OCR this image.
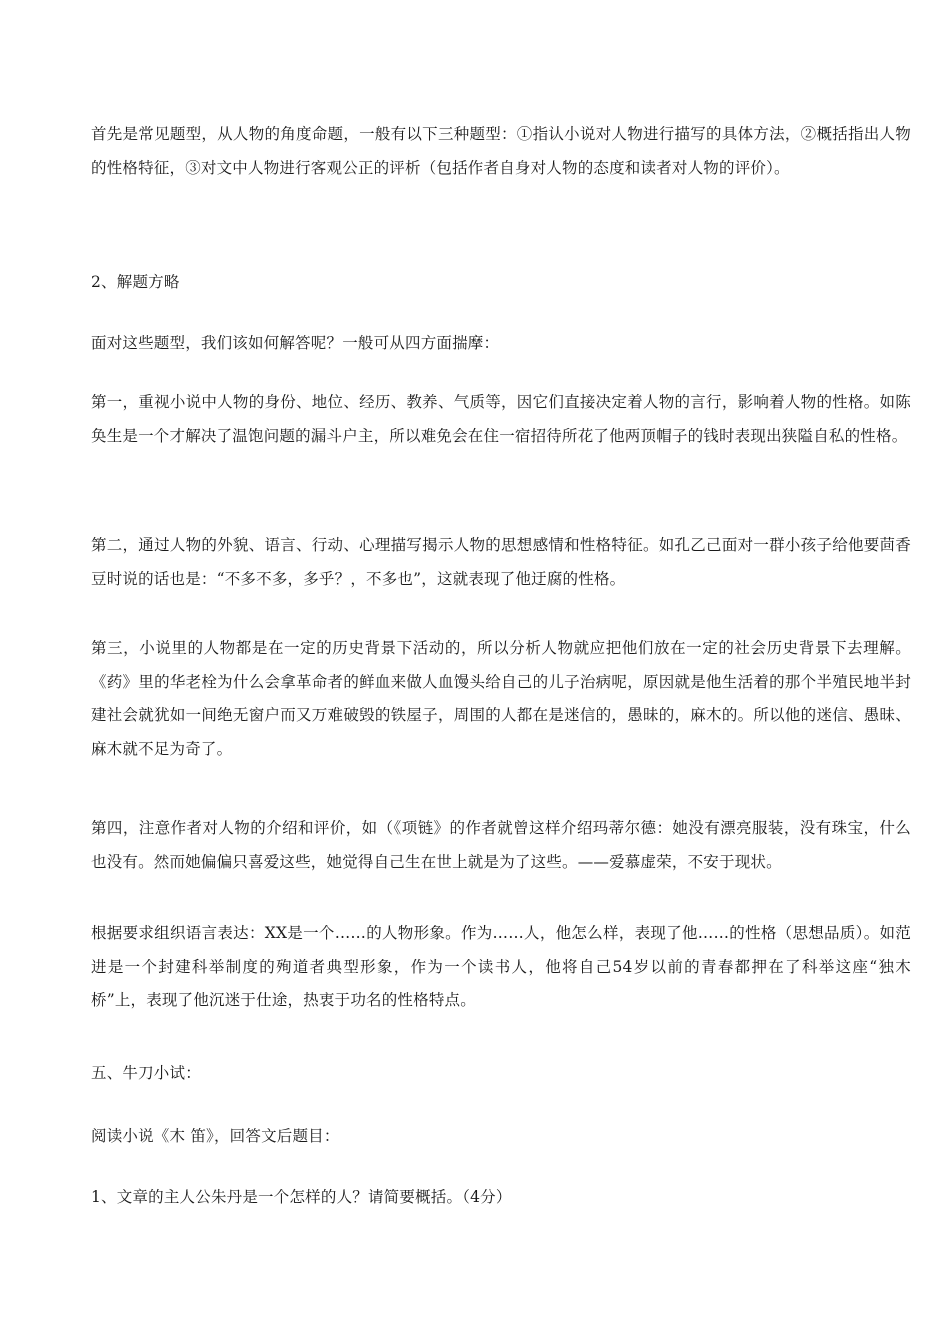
首先是常见题型，从人物的角度命题，一般有以下三种题型：①指认小说对人物进行描写的具体方法，②概括指出人物的性格特征，③对文中人物进行客观公正的评析（包括作者自身对人物的态度和读者对人物的评价）。

2、解题方略

面对这些题型，我们该如何解答呢？一般可从四方面揣摩：

第一，重视小说中人物的身份、地位、经历、教养、气质等，因它们直接决定着人物的言行，影响着人物的性格。如陈奂生是一个才解决了温饱问题的漏斗户主，所以难免会在住一宿招待所花了他两顶帽子的钱时表现出狭隘自私的性格。

第二，通过人物的外貌、语言、行动、心理描写揭示人物的思想感情和性格特征。如孔乙己面对一群小孩子给他要茴香豆时说的话也是：“不多不多，多乎？，不多也”，这就表现了他迂腐的性格。

第三，小说里的人物都是在一定的历史背景下活动的，所以分析人物就应把他们放在一定的社会历史背景下去理解。《药》里的华老栓为什么会拿革命者的鲜血来做人血馒头给自己的儿子治病呢，原因就是他生活着的那个半殖民地半封建社会就犹如一间绝无窗户而又万难破毁的铁屋子，周围的人都在是迷信的，愚昧的，麻木的。所以他的迷信、愚昧、麻木就不足为奇了。

第四，注意作者对人物的介绍和评价，如（《项链》的作者就曾这样介绍玛蒂尔德：她没有漂亮服装，没有珠宝，什么也没有。然而她偏偏只喜爱这些，她觉得自己生在世上就是为了这些。——爱慕虚荣，不安于现状。

根据要求组织语言表达：XX是一个……的人物形象。作为……人，他怎么样，表现了他……的性格（思想品质）。如范进是一个封建科举制度的殉道者典型形象，作为一个读书人，他将自己54岁以前的青春都押在了科举这座“独木桥”上，表现了他沉迷于仕途，热衷于功名的性格特点。

五、牛刀小试：

阅读小说《木 笛》，回答文后题目：

1、文章的主人公朱丹是一个怎样的人？请简要概括。（4分）
